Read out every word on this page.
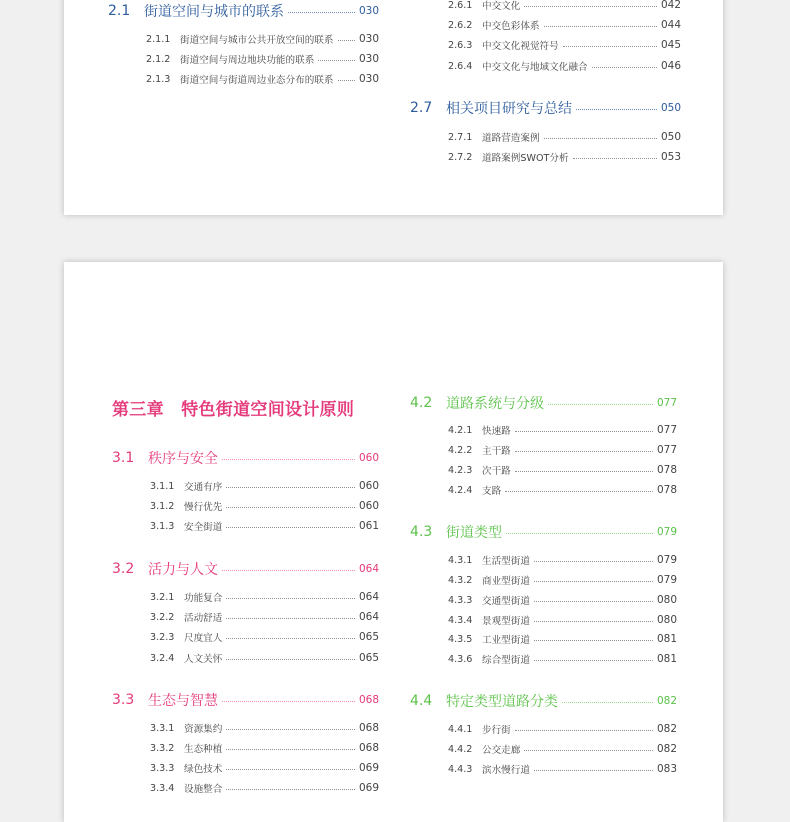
2.1 街道空间与城市的联系	030
2.1.1 街道空间与城市公共开放空间的联系 030
2.1.2 街道空间与周边地块功能的联系	030
2.1.3 街道空间与街道周边业态分布的联系 030
2.6.1 中交文化	042
2.6.2 中交色彩体系	044
2.6.3 中交文化视觉符号	045
2.6.4 中交文化与地域文化融合	046
2.7 相关项目研究与总结	050
2.7.1 道路营造案例	050
2.7.2 道路案例SWOT分析	053
第三章　特色街道空间设计原则
3.1 秩序与安全	060
3.1.1 交通有序	060
3.1.2 慢行优先	060
3.1.3 安全街道	061
3.2 活力与人文	064
3.2.1 功能复合	064
3.2.2 活动舒适	064
3.2.3 尺度宜人	065
3.2.4 人文关怀	065
3.3 生态与智慧	068
3.3.1 资源集约	068
3.3.2 生态种植	068
3.3.3 绿色技术	069
3.3.4 设施整合	069
4.2 道路系统与分级	077
4.2.1 快速路	077
4.2.2 主干路	077
4.2.3 次干路	078
4.2.4 支路	078
4.3 街道类型	079
4.3.1 生活型街道	079
4.3.2 商业型街道	079
4.3.3 交通型街道	080
4.3.4 景观型街道	080
4.3.5 工业型街道	081
4.3.6 综合型街道	081
4.4 特定类型道路分类	082
4.4.1 步行街	082
4.4.2 公交走廊	082
4.4.3 滨水慢行道	083
